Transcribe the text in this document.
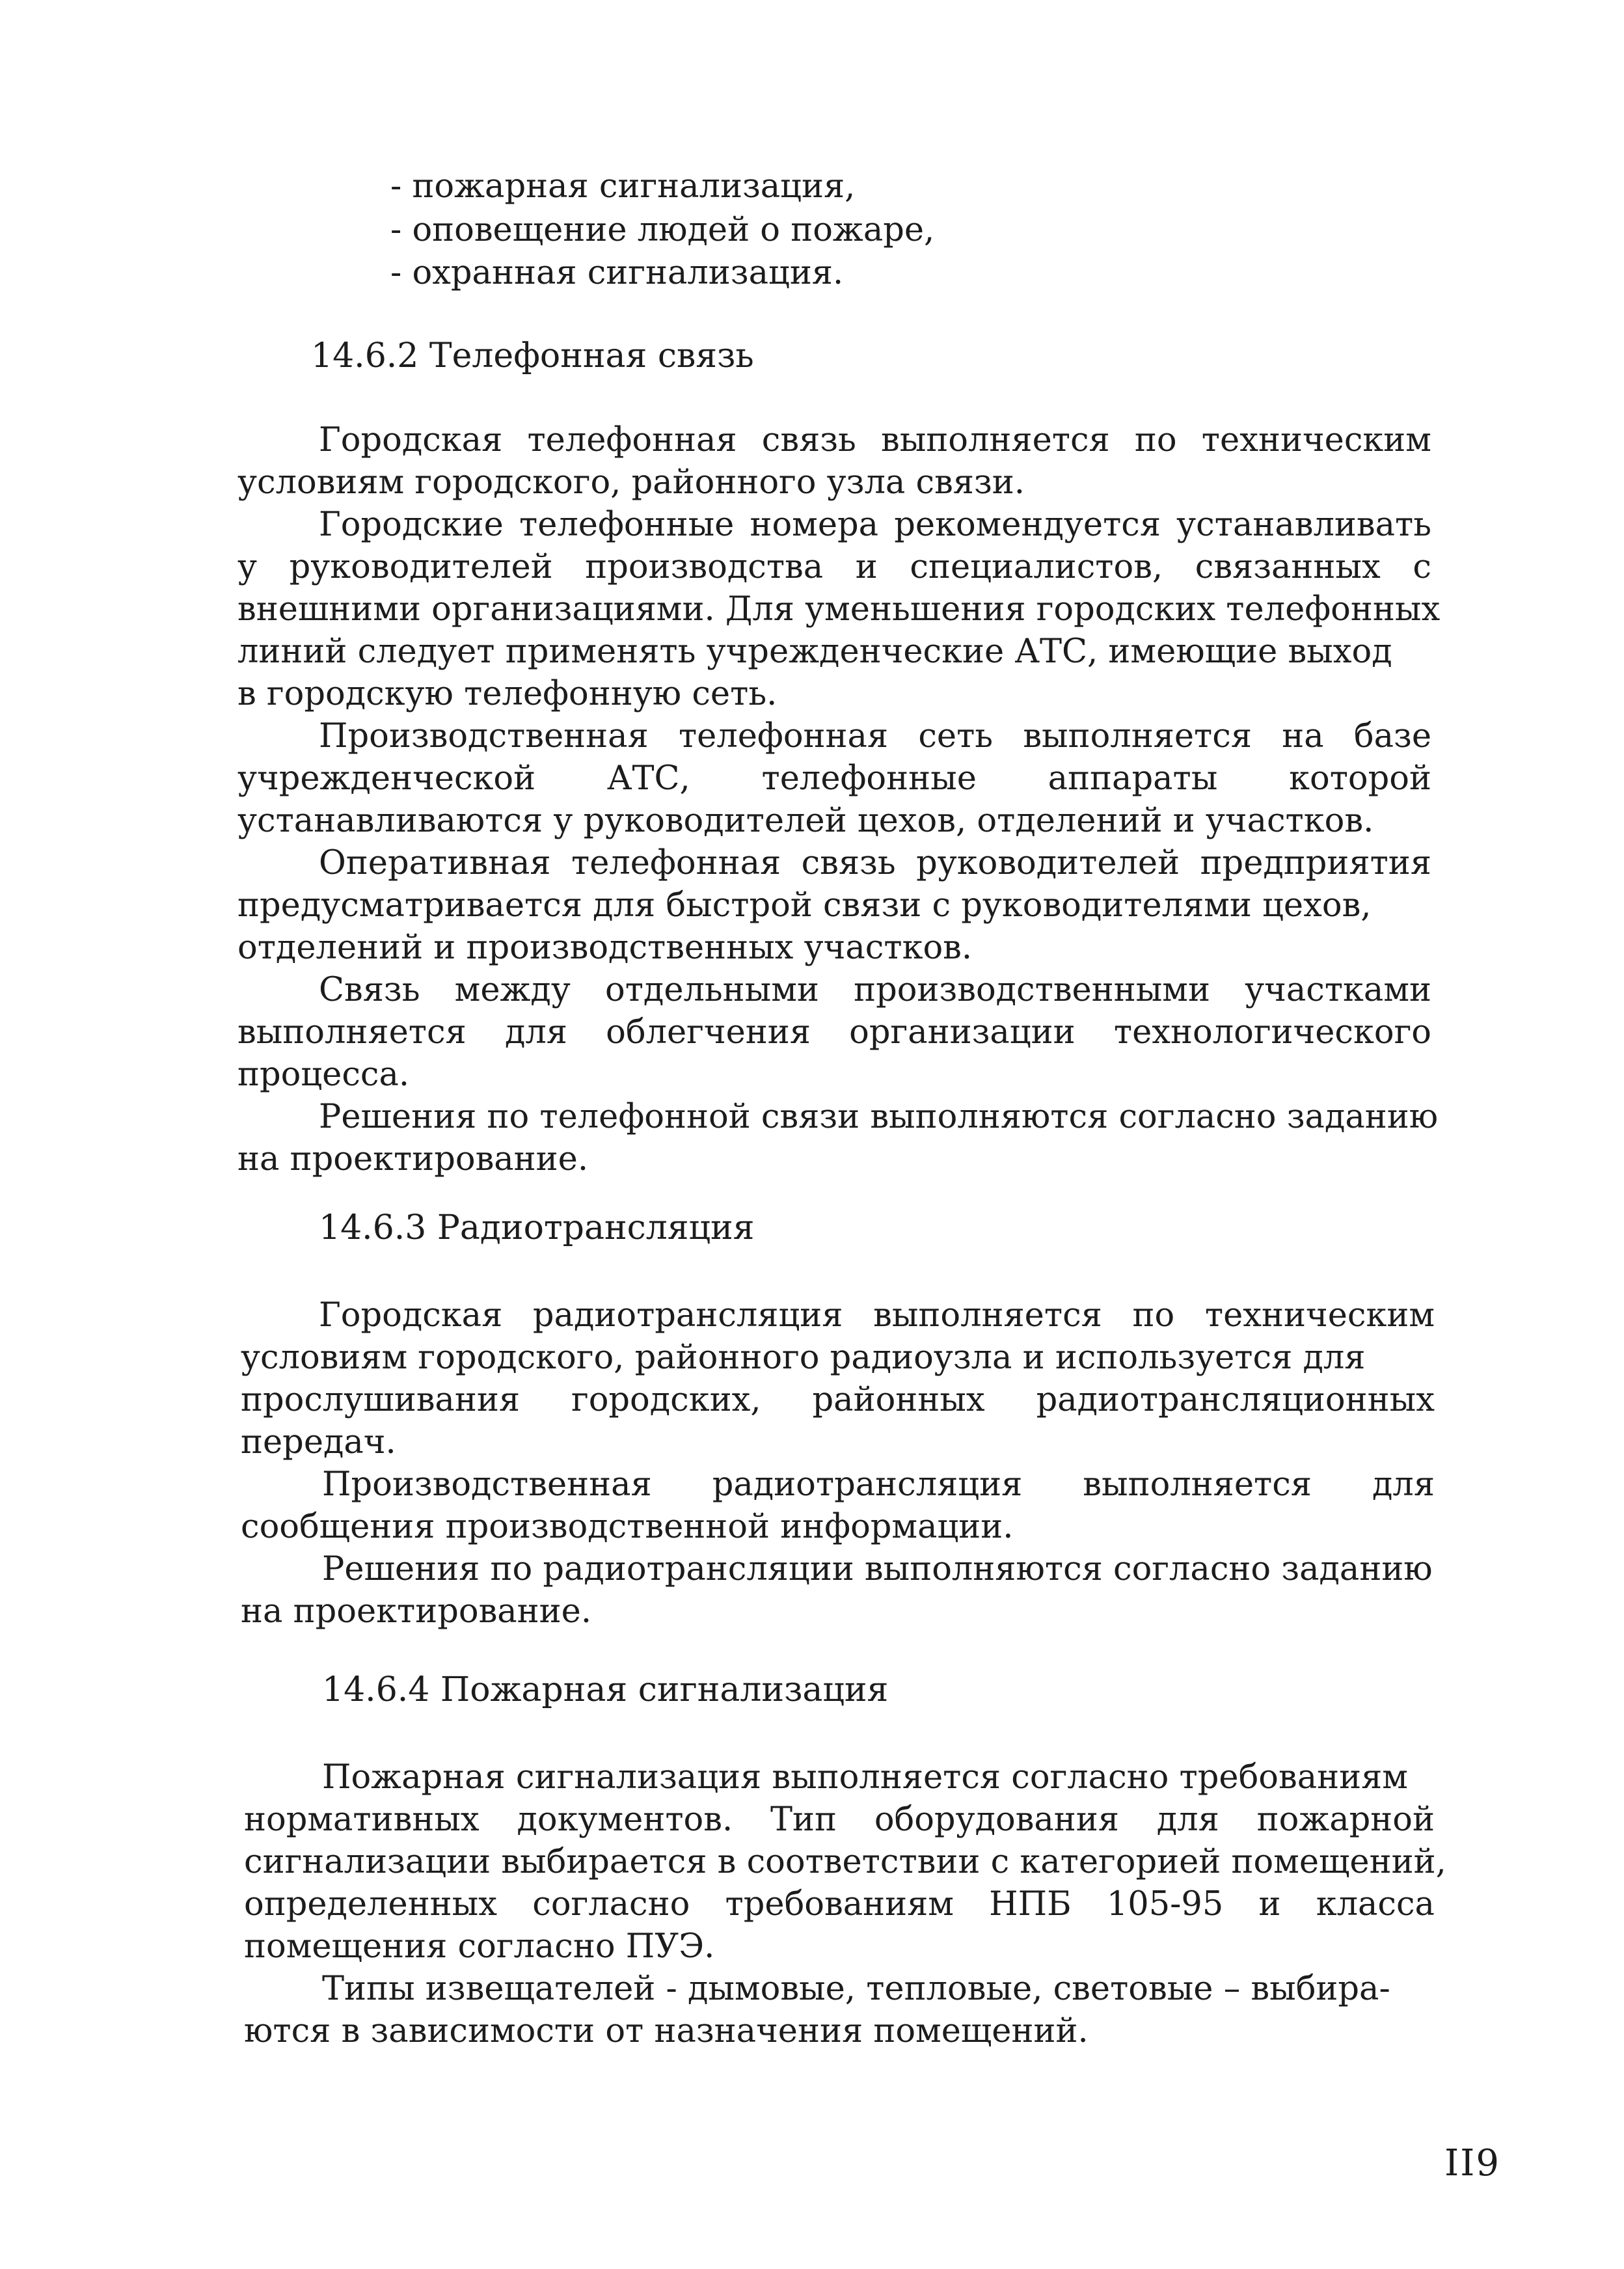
- пожарная сигнализация,
- оповещение людей о пожаре,
- охранная сигнализация.
14.6.2 Телефонная связь
Городская телефонная связь выполняется по техническим
условиям городского, районного узла связи.
Городские телефонные номера рекомендуется устанавливать
у руководителей производства и специалистов, связанных с
внешними организациями. Для уменьшения городских телефонных
линий следует применять учрежденческие АТС, имеющие выход
в городскую телефонную сеть.
Производственная телефонная сеть выполняется на базе
учрежденческой АТС, телефонные аппараты которой
устанавливаются у руководителей цехов, отделений и участков.
Оперативная телефонная связь руководителей предприятия
предусматривается для быстрой связи с руководителями цехов,
отделений и производственных участков.
Связь между отдельными производственными участками
выполняется для облегчения организации технологического
процесса.
Решения по телефонной связи выполняются согласно заданию
на проектирование.
14.6.3 Радиотрансляция
Городская радиотрансляция выполняется по техническим
условиям городского, районного радиоузла и используется для
прослушивания городских, районных радиотрансляционных
передач.
Производственная радиотрансляция выполняется для
сообщения производственной информации.
Решения по радиотрансляции выполняются согласно заданию
на проектирование.
14.6.4 Пожарная сигнализация
Пожарная сигнализация выполняется согласно требованиям
нормативных документов. Тип оборудования для пожарной
сигнализации выбирается в соответствии с категорией помещений,
определенных согласно требованиям НПБ 105-95 и класса
помещения согласно ПУЭ.
Типы извещателей - дымовые, тепловые, световые – выбира-
ются в зависимости от назначения помещений.
II9
